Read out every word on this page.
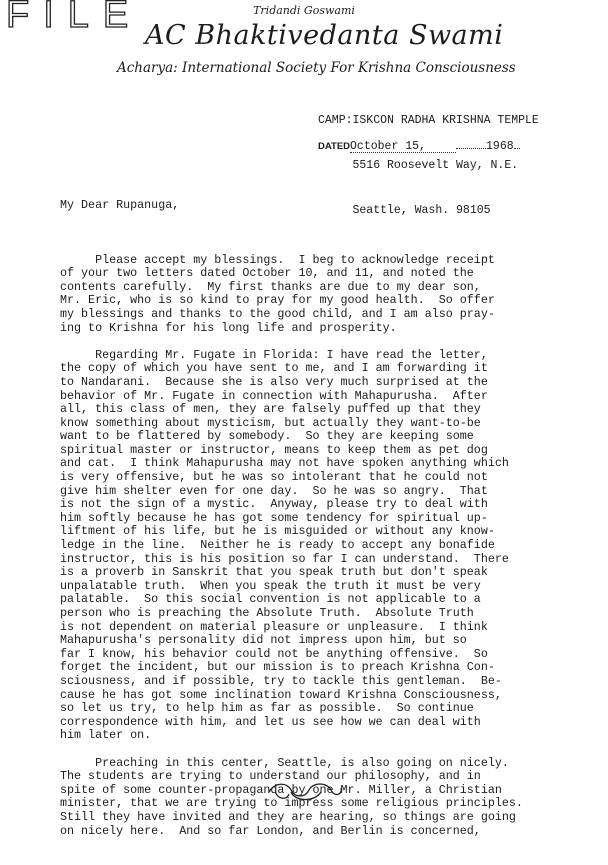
FILE	Tridandi Goswami
AC Bhaktivedanta Swami
Acharya: International Society For Krishna Consciousness

CAMP:ISKCON RADHA KRISHNA TEMPLE

5516 Roosevelt Way, N.E.

Seattle, Wash. 98105

DATEDOctober 15,	1968

My Dear Rupanuga,

Please accept my blessings.  I beg to acknowledge receipt
of your two letters dated October 10, and 11, and noted the
contents carefully.  My first thanks are due to my dear son,
Mr. Eric, who is so kind to pray for my good health.  So offer
my blessings and thanks to the good child, and I am also pray-
ing to Krishna for his long life and prosperity.
Regarding Mr. Fugate in Florida: I have read the letter,
the copy of which you have sent to me, and I am forwarding it
to Nandarani.  Because she is also very much surprised at the
behavior of Mr. Fugate in connection with Mahapurusha.  After
all, this class of men, they are falsely puffed up that they
know something about mysticism, but actually they want-to-be
want to be flattered by somebody.  So they are keeping some
spiritual master or instructor, means to keep them as pet dog
and cat.  I think Mahapurusha may not have spoken anything which
is very offensive, but he was so intolerant that he could not
give him shelter even for one day.  So he was so angry.  That
is not the sign of a mystic.  Anyway, please try to deal with
him softly because he has got some tendency for spiritual up-
liftment of his life, but he is misguided or without any know-
ledge in the line.  Neither he is ready to accept any bonafide
instructor, this is his position so far I can understand.  There
is a proverb in Sanskrit that you speak truth but don't speak
unpalatable truth.  When you speak the truth it must be very
palatable.  So this social convention is not applicable to a
person who is preaching the Absolute Truth.  Absolute Truth
is not dependent on material pleasure or unpleasure.  I think
Mahapurusha's personality did not impress upon him, but so
far I know, his behavior could not be anything offensive.  So
forget the incident, but our mission is to preach Krishna Con-
sciousness, and if possible, try to tackle this gentleman.  Be-
cause he has got some inclination toward Krishna Consciousness,
so let us try, to help him as far as possible.  So continue
correspondence with him, and let us see how we can deal with
him later on.
Preaching in this center, Seattle, is also going on nicely.
The students are trying to understand our philosophy, and in
spite of some counter-propaganda by one Mr. Miller, a Christian
minister, that we are trying to impress some religious principles.
Still they have invited and they are hearing, so things are going
on nicely here.  And so far London, and Berlin is concerned,
